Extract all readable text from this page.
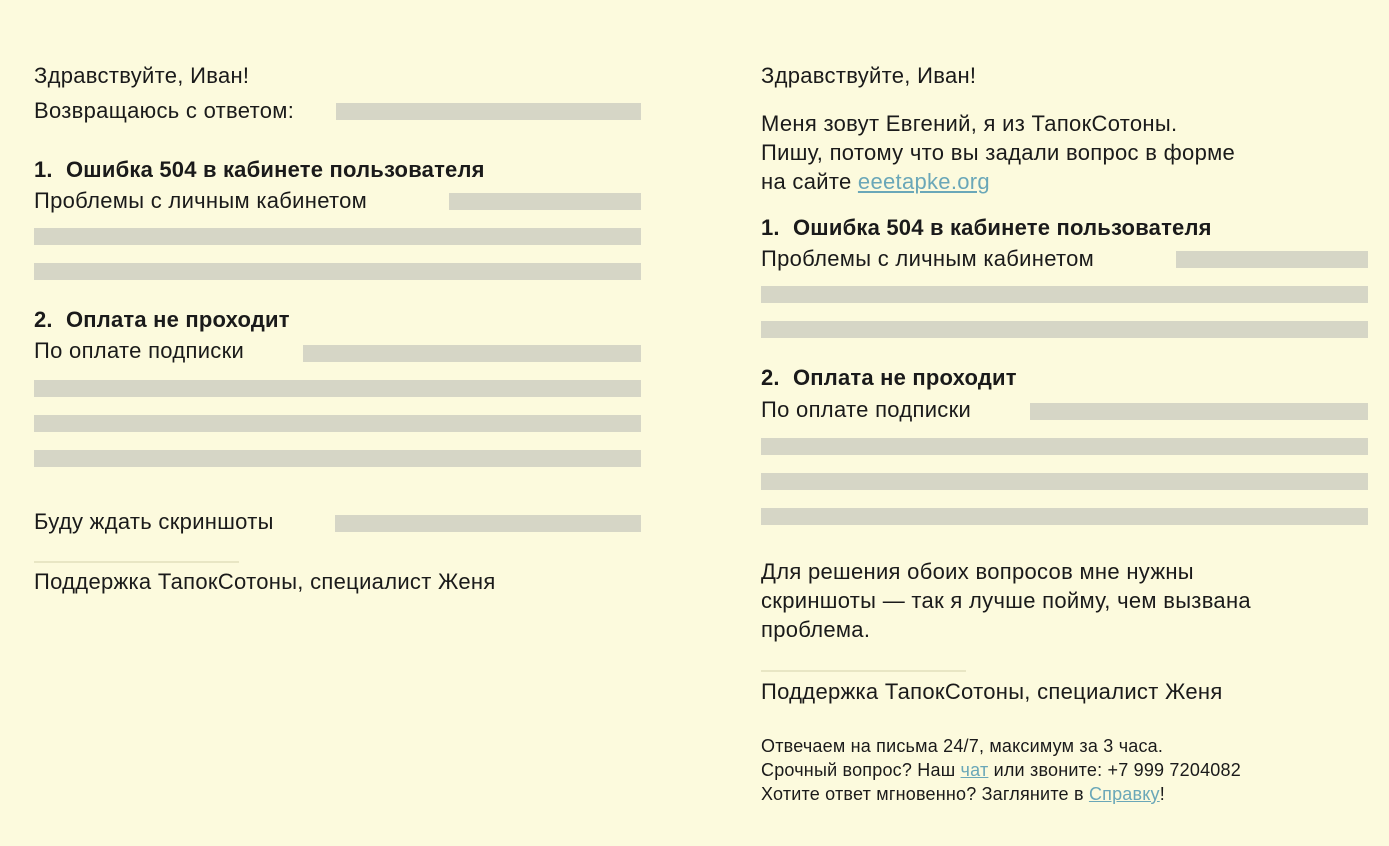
Здравствуйте, Иван!
Возвращаюсь с ответом:
1. Ошибка 504 в кабинете пользователя
Проблемы с личным кабинетом
2. Оплата не проходит
По оплате подписки
Буду ждать скриншоты
Поддержка ТапокСотоны, специалист Женя
Здравствуйте, Иван!
Меня зовут Евгений, я из ТапокСотоны.
Пишу, потому что вы задали вопрос в форме
на сайте eeetapke.org
1. Ошибка 504 в кабинете пользователя
Проблемы с личным кабинетом
2. Оплата не проходит
По оплате подписки
Для решения обоих вопросов мне нужны
скриншоты — так я лучше пойму, чем вызвана
проблема.
Поддержка ТапокСотоны, специалист Женя
Отвечаем на письма 24/7, максимум за 3 часа.
Срочный вопрос? Наш чат или звоните: +7 999 7204082
Хотите ответ мгновенно? Загляните в Справку!
